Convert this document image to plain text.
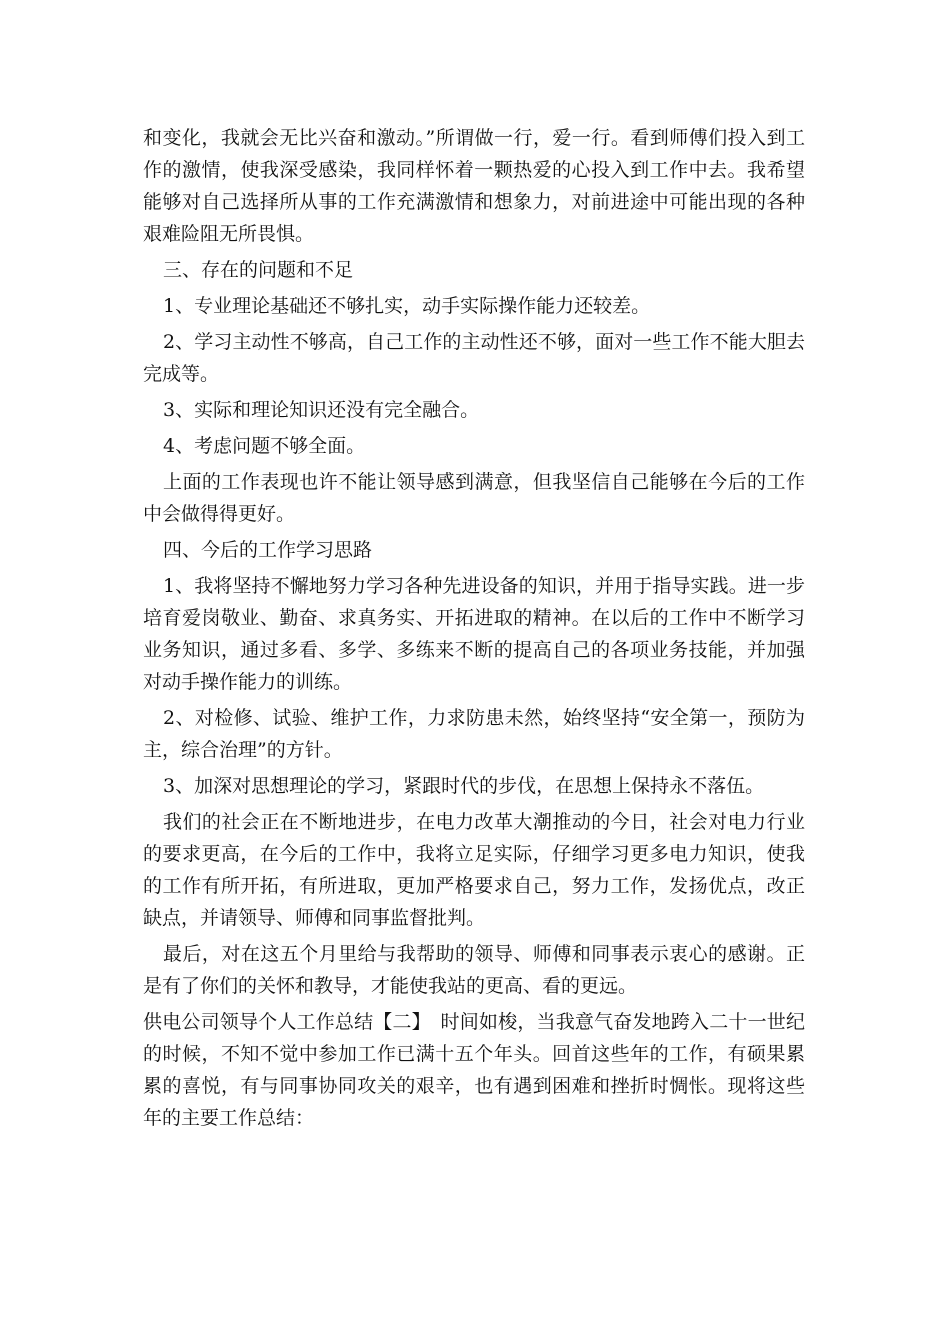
和变化，我就会无比兴奋和激动。”所谓做一行，爱一行。看到师傅们投入到工作的激情，使我深受感染，我同样怀着一颗热爱的心投入到工作中去。我希望能够对自己选择所从事的工作充满激情和想象力，对前进途中可能出现的各种艰难险阻无所畏惧。

三、存在的问题和不足

1、专业理论基础还不够扎实，动手实际操作能力还较差。

2、学习主动性不够高，自己工作的主动性还不够，面对一些工作不能大胆去完成等。

3、实际和理论知识还没有完全融合。

4、考虑问题不够全面。

上面的工作表现也许不能让领导感到满意，但我坚信自己能够在今后的工作中会做得得更好。

四、今后的工作学习思路

1、我将坚持不懈地努力学习各种先进设备的知识，并用于指导实践。进一步培育爱岗敬业、勤奋、求真务实、开拓进取的精神。在以后的工作中不断学习业务知识，通过多看、多学、多练来不断的提高自己的各项业务技能，并加强对动手操作能力的训练。

2、对检修、试验、维护工作，力求防患未然，始终坚持“安全第一，预防为主，综合治理”的方针。

3、加深对思想理论的学习，紧跟时代的步伐，在思想上保持永不落伍。

我们的社会正在不断地进步，在电力改革大潮推动的今日，社会对电力行业的要求更高，在今后的工作中，我将立足实际，仔细学习更多电力知识，使我的工作有所开拓，有所进取，更加严格要求自己，努力工作，发扬优点，改正缺点，并请领导、师傅和同事监督批判。

最后，对在这五个月里给与我帮助的领导、师傅和同事表示衷心的感谢。正是有了你们的关怀和教导，才能使我站的更高、看的更远。

供电公司领导个人工作总结【二】　时间如梭，当我意气奋发地跨入二十一世纪的时候，不知不觉中参加工作已满十五个年头。回首这些年的工作，有硕果累累的喜悦，有与同事协同攻关的艰辛，也有遇到困难和挫折时惆怅。现将这些年的主要工作总结：
